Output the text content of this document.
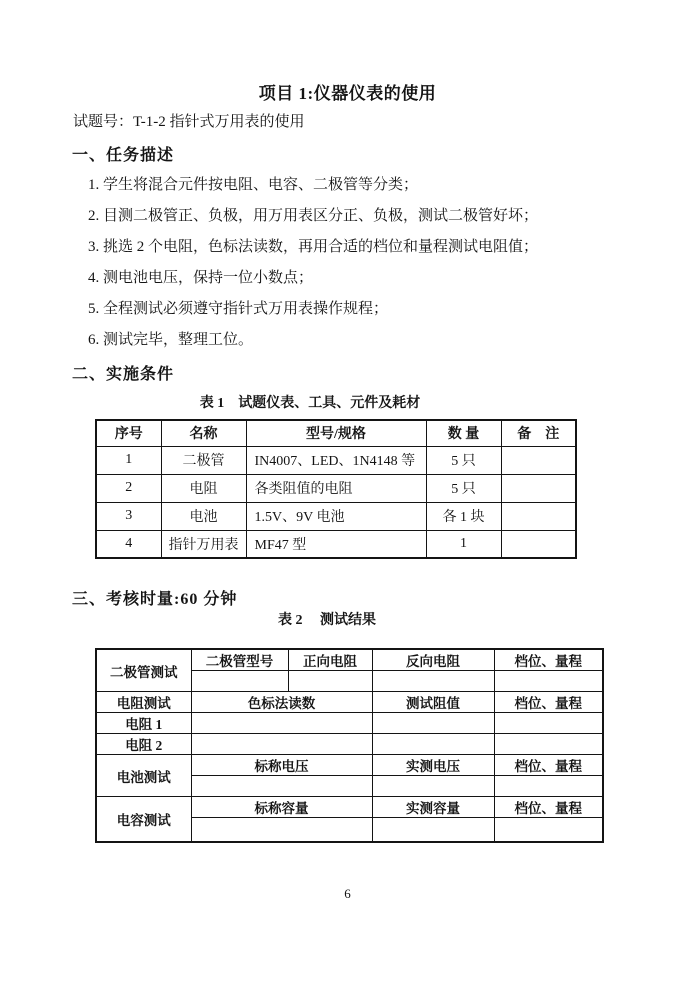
项目 1:仪器仪表的使用
试题号：T-1-2 指针式万用表的使用
一、任务描述

1. 学生将混合元件按电阻、电容、二极管等分类；

2. 目测二极管正、负极，用万用表区分正、负极，测试二极管好坏；

3. 挑选 2 个电阻，色标法读数，再用合适的档位和量程测试电阻值；

4. 测电池电压，保持一位小数点；

5. 全程测试必须遵守指针式万用表操作规程；

6. 测试完毕，整理工位。

二、实施条件
表 1　试题仪表、工具、元件及耗材
序号	名称	型号/规格	数 量	备　注
1	二极管	IN4007、LED、1N4148 等	5 只	
2	电阻	各类阻值的电阻	5 只	
3	电池	1.5V、9V 电池	各 1 块	
4	指针万用表	MF47 型	1	
三、考核时量:60 分钟
表 2　 测试结果
二极管测试	二极管型号	正向电阻	反向电阻	档位、量程

电阻测试	色标法读数		测试阻值	档位、量程
电阻 1				
电阻 2				
电池测试	标称电压		实测电压	档位、量程

电容测试	标称容量		实测容量	档位、量程

6
